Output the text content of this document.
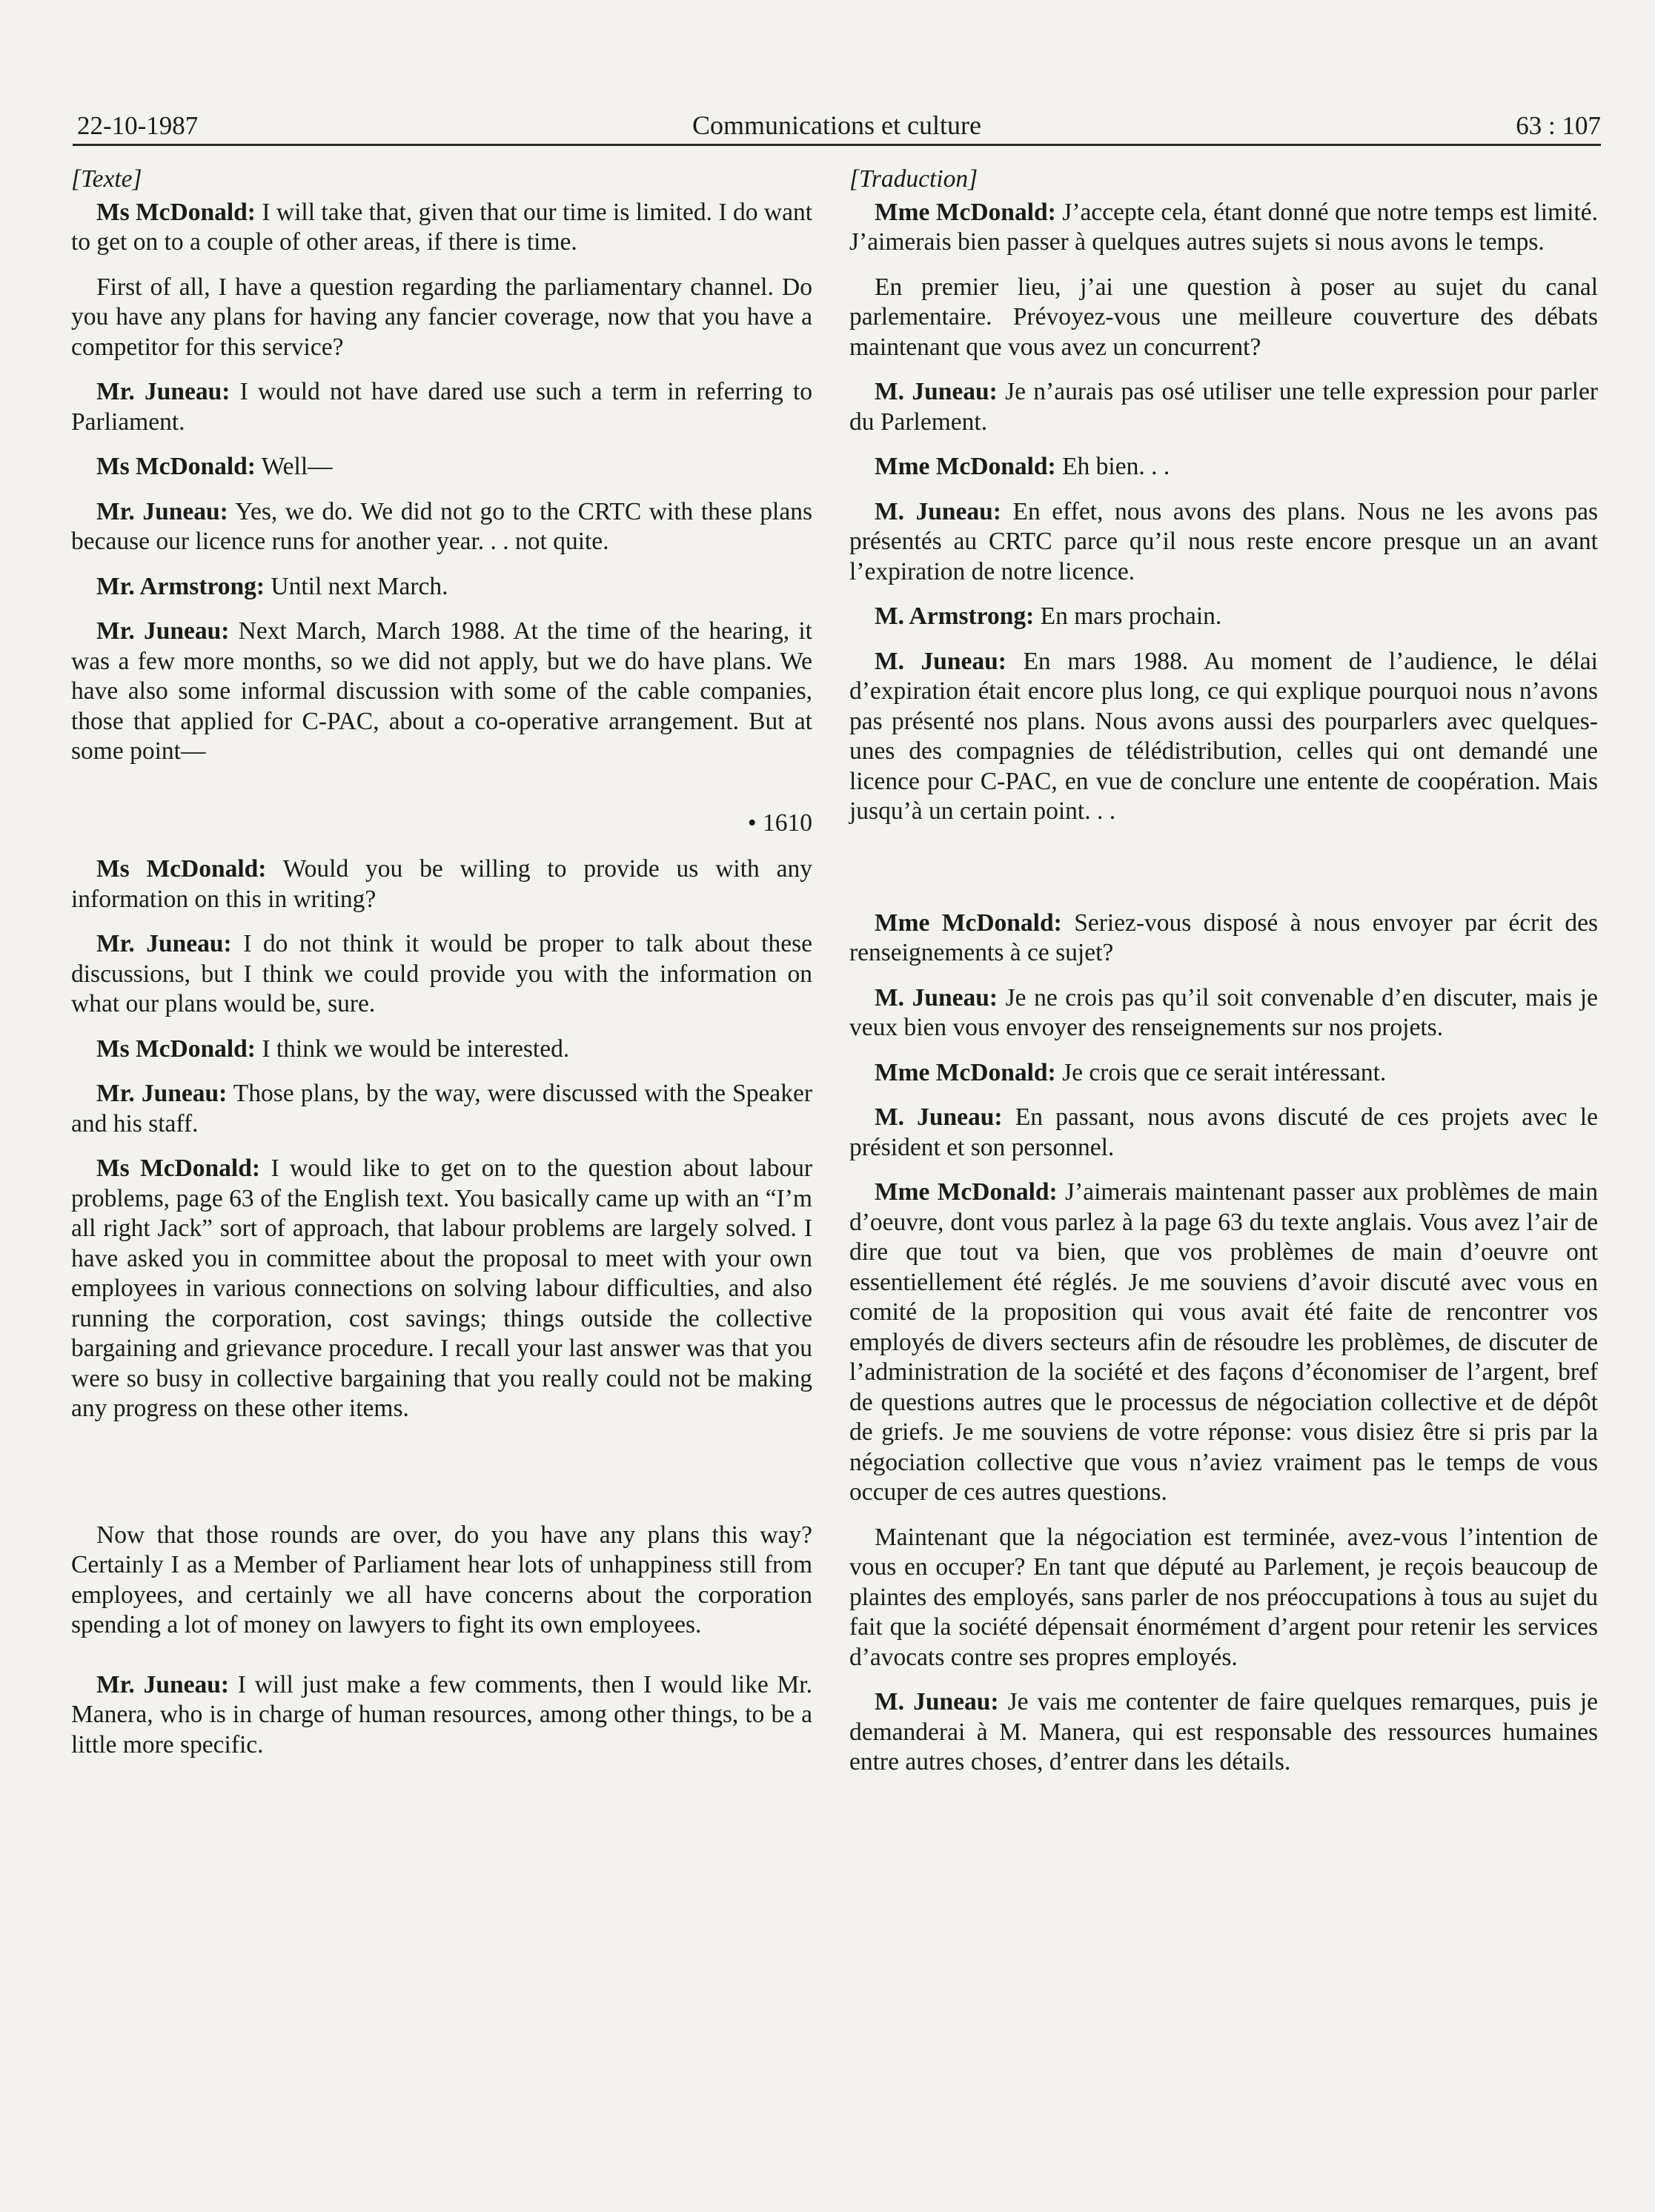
22-10-1987	Communications et culture	63 : 107

[Texte]

Ms McDonald: I will take that, given that our time is limited. I do want to get on to a couple of other areas, if there is time.

First of all, I have a question regarding the parliamentary channel. Do you have any plans for having any fancier coverage, now that you have a competitor for this service?

Mr. Juneau: I would not have dared use such a term in referring to Parliament.

Ms McDonald: Well—

Mr. Juneau: Yes, we do. We did not go to the CRTC with these plans because our licence runs for another year. . . not quite.

Mr. Armstrong: Until next March.

Mr. Juneau: Next March, March 1988. At the time of the hearing, it was a few more months, so we did not apply, but we do have plans. We have also some informal discussion with some of the cable companies, those that applied for C-PAC, about a co-operative arrangement. But at some point—

• 1610

Ms McDonald: Would you be willing to provide us with any information on this in writing?

Mr. Juneau: I do not think it would be proper to talk about these discussions, but I think we could provide you with the information on what our plans would be, sure.

Ms McDonald: I think we would be interested.

Mr. Juneau: Those plans, by the way, were discussed with the Speaker and his staff.

Ms McDonald: I would like to get on to the question about labour problems, page 63 of the English text. You basically came up with an “I’m all right Jack” sort of approach, that labour problems are largely solved. I have asked you in committee about the proposal to meet with your own employees in various connections on solving labour difficulties, and also running the corporation, cost savings; things outside the collective bargaining and grievance procedure. I recall your last answer was that you were so busy in collective bargaining that you really could not be making any progress on these other items.

Now that those rounds are over, do you have any plans this way? Certainly I as a Member of Parliament hear lots of unhappiness still from employees, and certainly we all have concerns about the corporation spending a lot of money on lawyers to fight its own employees.

Mr. Juneau: I will just make a few comments, then I would like Mr. Manera, who is in charge of human resources, among other things, to be a little more specific.

[Traduction]

Mme McDonald: J’accepte cela, étant donné que notre temps est limité. J’aimerais bien passer à quelques autres sujets si nous avons le temps.

En premier lieu, j’ai une question à poser au sujet du canal parlementaire. Prévoyez-vous une meilleure couverture des débats maintenant que vous avez un concurrent?

M. Juneau: Je n’aurais pas osé utiliser une telle expression pour parler du Parlement.

Mme McDonald: Eh bien. . .

M. Juneau: En effet, nous avons des plans. Nous ne les avons pas présentés au CRTC parce qu’il nous reste encore presque un an avant l’expiration de notre licence.

M. Armstrong: En mars prochain.

M. Juneau: En mars 1988. Au moment de l’audience, le délai d’expiration était encore plus long, ce qui explique pourquoi nous n’avons pas présenté nos plans. Nous avons aussi des pourparlers avec quelques-unes des compagnies de télédistribution, celles qui ont demandé une licence pour C-PAC, en vue de conclure une entente de coopération. Mais jusqu’à un certain point. . .

Mme McDonald: Seriez-vous disposé à nous envoyer par écrit des renseignements à ce sujet?

M. Juneau: Je ne crois pas qu’il soit convenable d’en discuter, mais je veux bien vous envoyer des renseignements sur nos projets.

Mme McDonald: Je crois que ce serait intéressant.

M. Juneau: En passant, nous avons discuté de ces projets avec le président et son personnel.

Mme McDonald: J’aimerais maintenant passer aux problèmes de main d’oeuvre, dont vous parlez à la page 63 du texte anglais. Vous avez l’air de dire que tout va bien, que vos problèmes de main d’oeuvre ont essentiellement été réglés. Je me souviens d’avoir discuté avec vous en comité de la proposition qui vous avait été faite de rencontrer vos employés de divers secteurs afin de résoudre les problèmes, de discuter de l’administration de la société et des façons d’économiser de l’argent, bref de questions autres que le processus de négociation collective et de dépôt de griefs. Je me souviens de votre réponse: vous disiez être si pris par la négociation collective que vous n’aviez vraiment pas le temps de vous occuper de ces autres questions.

Maintenant que la négociation est terminée, avez-vous l’intention de vous en occuper? En tant que député au Parlement, je reçois beaucoup de plaintes des employés, sans parler de nos préoccupations à tous au sujet du fait que la société dépensait énormément d’argent pour retenir les services d’avocats contre ses propres employés.

M. Juneau: Je vais me contenter de faire quelques remarques, puis je demanderai à M. Manera, qui est responsable des ressources humaines entre autres choses, d’entrer dans les détails.
